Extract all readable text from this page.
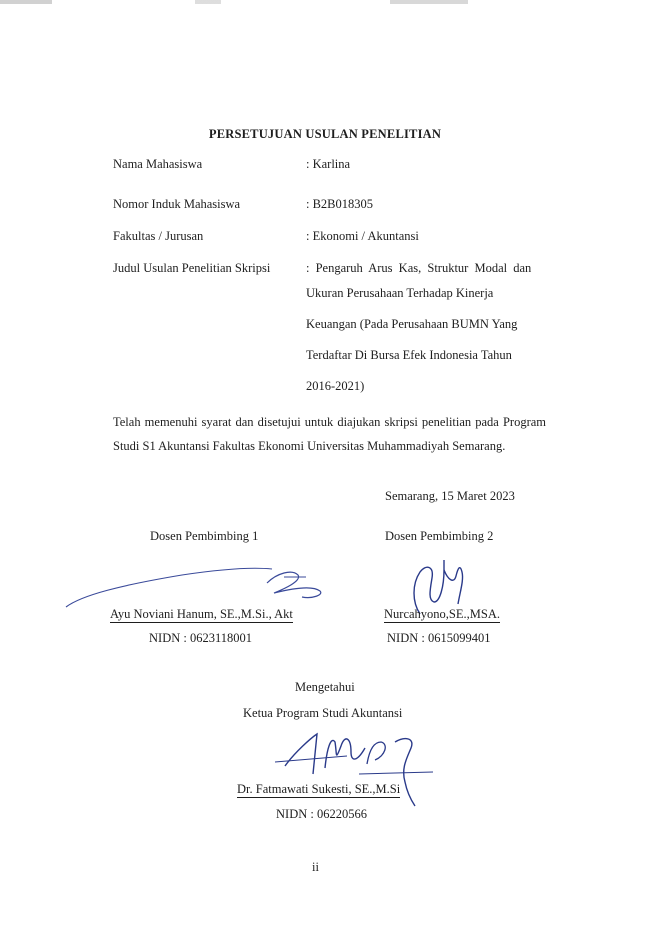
PERSETUJUAN USULAN PENELITIAN
Nama Mahasiswa	: Karlina
Nomor Induk Mahasiswa	: B2B018305
Fakultas / Jurusan	: Ekonomi / Akuntansi
Judul Usulan Penelitian Skripsi	: Pengaruh Arus Kas, Struktur Modal dan
Ukuran Perusahaan Terhadap Kinerja
Keuangan (Pada Perusahaan BUMN Yang
Terdaftar Di Bursa Efek Indonesia Tahun
2016-2021)
Telah memenuhi syarat dan disetujui untuk diajukan skripsi penelitian pada Program Studi S1 Akuntansi Fakultas Ekonomi Universitas Muhammadiyah Semarang.
Semarang, 15 Maret 2023
Dosen Pembimbing 1	Dosen Pembimbing 2
Ayu Noviani Hanum, SE.,M.Si., Akt	Nurcahyono,SE.,MSA.
NIDN : 0623118001	NIDN : 0615099401
Mengetahui
Ketua Program Studi Akuntansi
Dr. Fatmawati Sukesti, SE.,M.Si
NIDN : 06220566
ii
